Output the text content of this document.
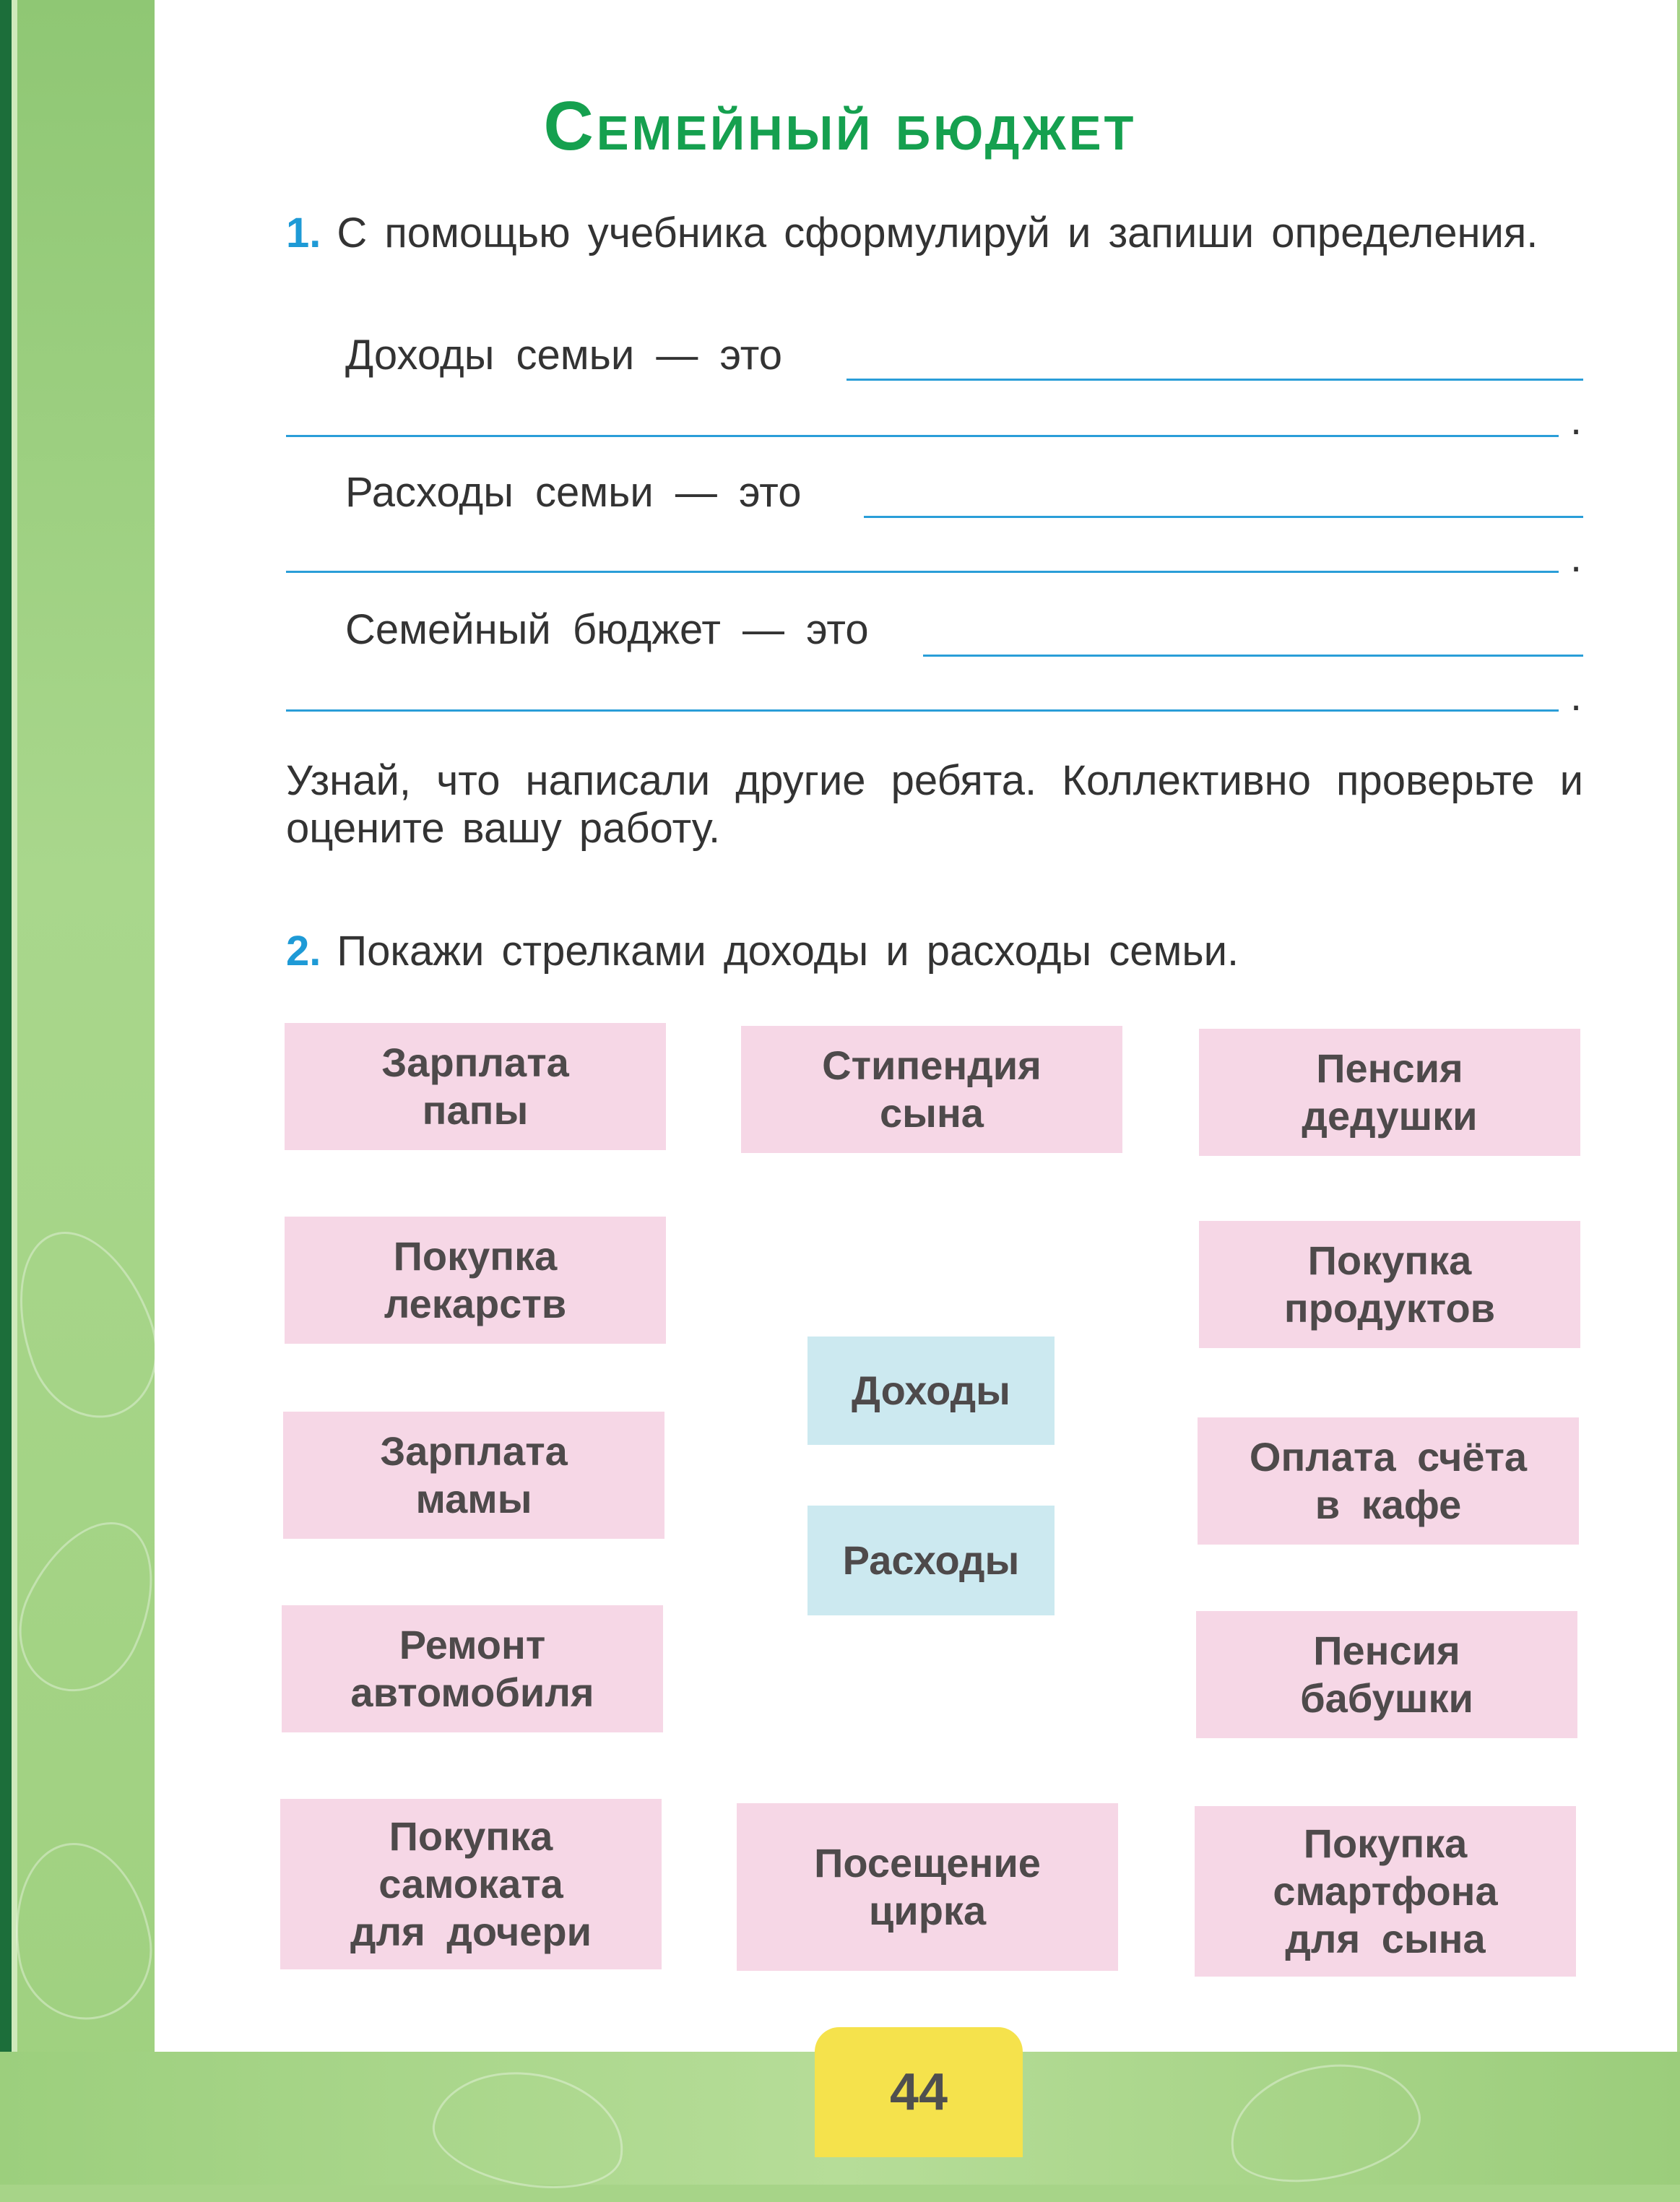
Семейный бюджет
1. С помощью учебника сформулируй и запиши определения.
Доходы семьи — это
.
Расходы семьи — это
.
Семейный бюджет — это
.
Узнай, что написали другие ребята. Коллективно проверьте и оцените вашу работу.
2. Покажи стрелками доходы и расходы семьи.
Зарплата
папы
Стипендия
сына
Пенсия
дедушки
Покупка
лекарств
Покупка
продуктов
Доходы
Зарплата
мамы
Оплата счёта
в кафе
Расходы
Ремонт
автомобиля
Пенсия
бабушки
Покупка
самоката
для дочери
Посещение
цирка
Покупка
смартфона
для сына
44
